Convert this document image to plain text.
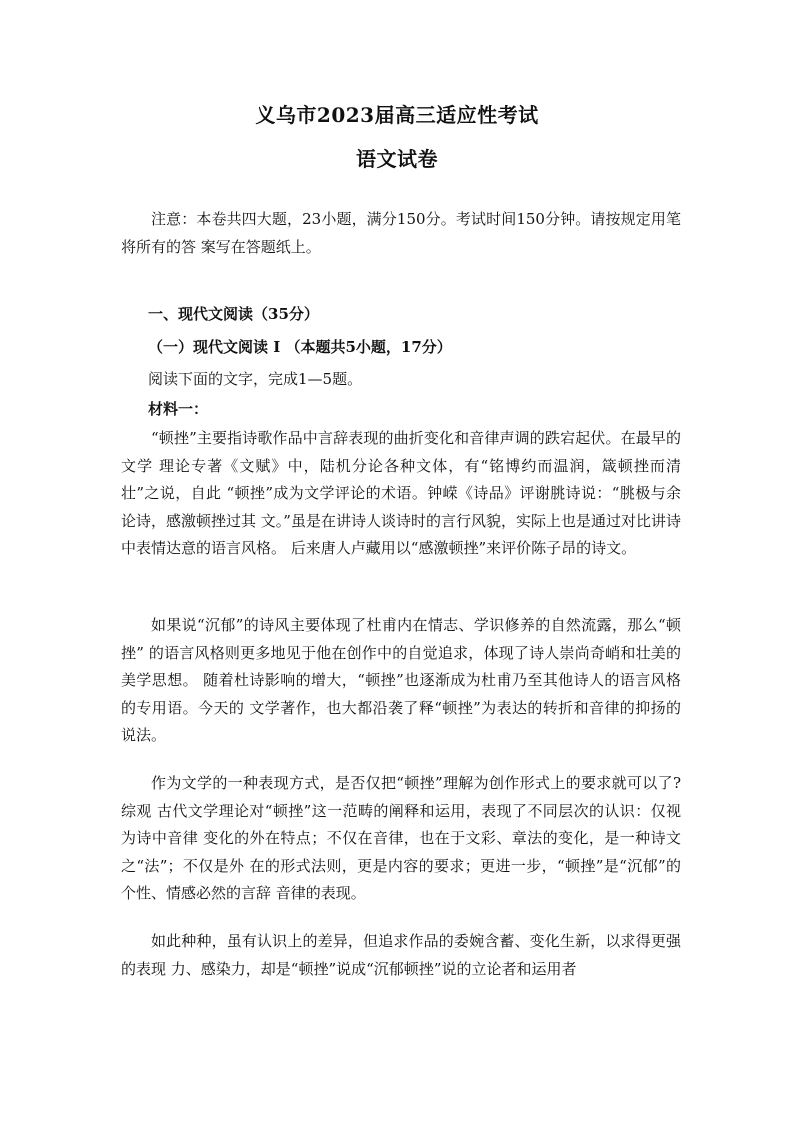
义乌市2023届高三适应性考试
语文试卷
注意：本卷共四大题，23小题，满分150分。考试时间150分钟。请按规定用笔将所有的答 案写在答题纸上。
一、现代文阅读（35分）
（一）现代文阅读 I （本题共5小题，17分）
阅读下面的文字，完成1—5题。
材料一：
“顿挫”主要指诗歌作品中言辞表现的曲折变化和音律声调的跌宕起伏。在最早的文学 理论专著《文赋》中，陆机分论各种文体，有“铭博约而温润，箴顿挫而清壮”之说，自此 “顿挫”成为文学评论的术语。钟嵘《诗品》评谢朓诗说：“朓极与余论诗，感激顿挫过其 文。”虽是在讲诗人谈诗时的言行风貌，实际上也是通过对比讲诗中表情达意的语言风格。 后来唐人卢藏用以“感激顿挫”来评价陈子昂的诗文。
如果说“沉郁”的诗风主要体现了杜甫内在情志、学识修养的自然流露，那么“顿挫” 的语言风格则更多地见于他在创作中的自觉追求，体现了诗人崇尚奇峭和壮美的美学思想。 随着杜诗影响的增大，“顿挫”也逐渐成为杜甫乃至其他诗人的语言风格的专用语。今天的 文学著作，也大都沿袭了释“顿挫”为表达的转折和音律的抑扬的说法。
作为文学的一种表现方式，是否仅把“顿挫”理解为创作形式上的要求就可以了?综观 古代文学理论对“顿挫”这一范畴的阐释和运用，表现了不同层次的认识：仅视为诗中音律 变化的外在特点；不仅在音律，也在于文彩、章法的变化，是一种诗文之“法”；不仅是外 在的形式法则，更是内容的要求；更进一步，“顿挫”是“沉郁”的个性、情感必然的言辞 音律的表现。
如此种种，虽有认识上的差异，但追求作品的委婉含蓄、变化生新，以求得更强的表现 力、感染力，却是“顿挫”说成“沉郁顿挫”说的立论者和运用者
